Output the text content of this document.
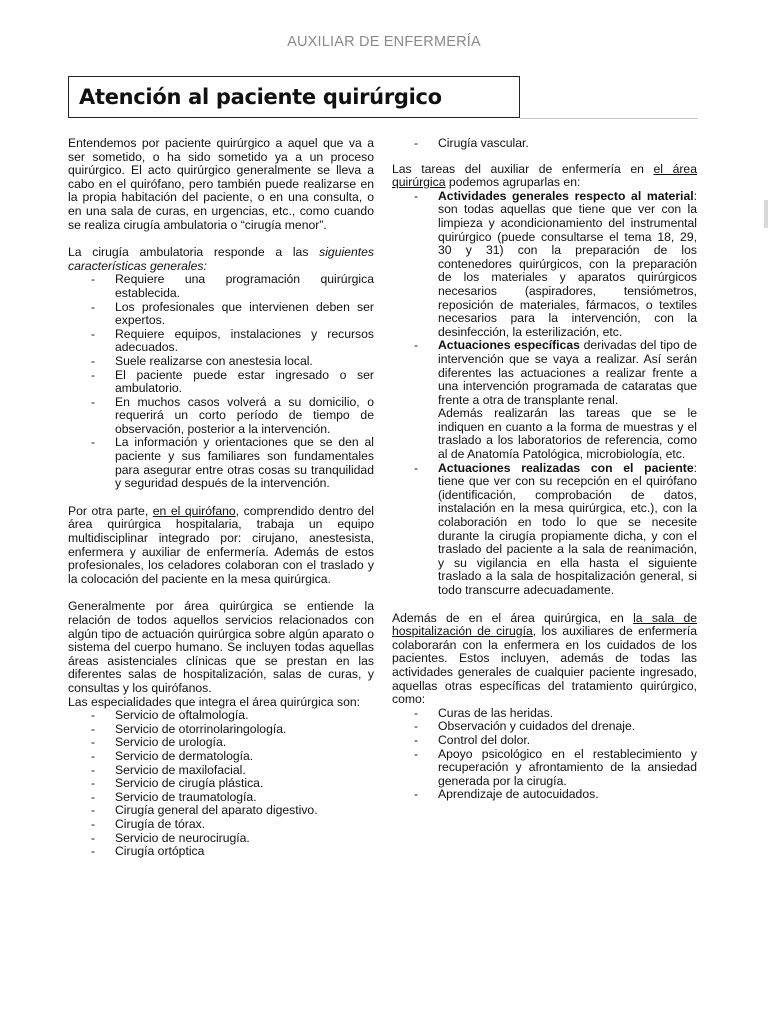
AUXILIAR DE ENFERMERÍA
Atención al paciente quirúrgico

Entendemos por paciente quirúrgico a aquel que va a ser sometido, o ha sido sometido ya a un proceso quirúrgico. El acto quirúrgico generalmente se lleva a cabo en el quirófano, pero también puede realizarse en la propia habitación del paciente, o en una consulta, o en una sala de curas, en urgencias, etc., como cuando se realiza cirugía ambulatoria o “cirugía menor”.

La cirugía ambulatoria responde a las siguientes características generales:

- Requiere una programación quirúrgica establecida.
- Los profesionales que intervienen deben ser expertos.
- Requiere equipos, instalaciones y recursos adecuados.
- Suele realizarse con anestesia local.
- El paciente puede estar ingresado o ser ambulatorio.
- En muchos casos volverá a su domicilio, o requerirá un corto período de tiempo de observación, posterior a la intervención.
- La información y orientaciones que se den al paciente y sus familiares son fundamentales para asegurar entre otras cosas su tranquilidad y seguridad después de la intervención.

Por otra parte, en el quirófano, comprendido dentro del área quirúrgica hospitalaria, trabaja un equipo multidisciplinar integrado por: cirujano, anestesista, enfermera y auxiliar de enfermería. Además de estos profesionales, los celadores colaboran con el traslado y la colocación del paciente en la mesa quirúrgica.

Generalmente por área quirúrgica se entiende la relación de todos aquellos servicios relacionados con algún tipo de actuación quirúrgica sobre algún aparato o sistema del cuerpo humano. Se incluyen todas aquellas áreas asistenciales clínicas que se prestan en las diferentes salas de hospitalización, salas de curas, y consultas y los quirófanos.

Las especialidades que integra el área quirúrgica son:

- Servicio de oftalmología.
- Servicio de otorrinolaringología.
- Servicio de urología.
- Servicio de dermatología.
- Servicio de maxilofacial.
- Servicio de cirugía plástica.
- Servicio de traumatología.
- Cirugía general del aparato digestivo.
- Cirugía de tórax.
- Servicio de neurocirugía.
- Cirugía ortóptica
- Cirugía vascular.

Las tareas del auxiliar de enfermería en el área quirúrgica podemos agruparlas en:

- Actividades generales respecto al material: son todas aquellas que tiene que ver con la limpieza y acondicionamiento del instrumental quirúrgico (puede consultarse el tema 18, 29, 30 y 31) con la preparación de los contenedores quirúrgicos, con la preparación de los materiales y aparatos quirúrgicos necesarios (aspiradores, tensiómetros, reposición de materiales, fármacos, o textiles necesarios para la intervención, con la desinfección, la esterilización, etc.
- Actuaciones específicas derivadas del tipo de intervención que se vaya a realizar. Así serán diferentes las actuaciones a realizar frente a una intervención programada de cataratas que frente a otra de transplante renal.
Además realizarán las tareas que se le indiquen en cuanto a la forma de muestras y el traslado a los laboratorios de referencia, como al de Anatomía Patológica, microbiología, etc.
- Actuaciones realizadas con el paciente: tiene que ver con su recepción en el quirófano (identificación, comprobación de datos, instalación en la mesa quirúrgica, etc.), con la colaboración en todo lo que se necesite durante la cirugía propiamente dicha, y con el traslado del paciente a la sala de reanimación, y su vigilancia en ella hasta el siguiente traslado a la sala de hospitalización general, si todo transcurre adecuadamente.

Además de en el área quirúrgica, en la sala de hospitalización de cirugía, los auxiliares de enfermería colaborarán con la enfermera en los cuidados de los pacientes. Estos incluyen, además de todas las actividades generales de cualquier paciente ingresado, aquellas otras específicas del tratamiento quirúrgico, como:

- Curas de las heridas.
- Observación y cuidados del drenaje.
- Control del dolor.
- Apoyo psicológico en el restablecimiento y recuperación y afrontamiento de la ansiedad generada por la cirugía.
- Aprendizaje de autocuidados.
